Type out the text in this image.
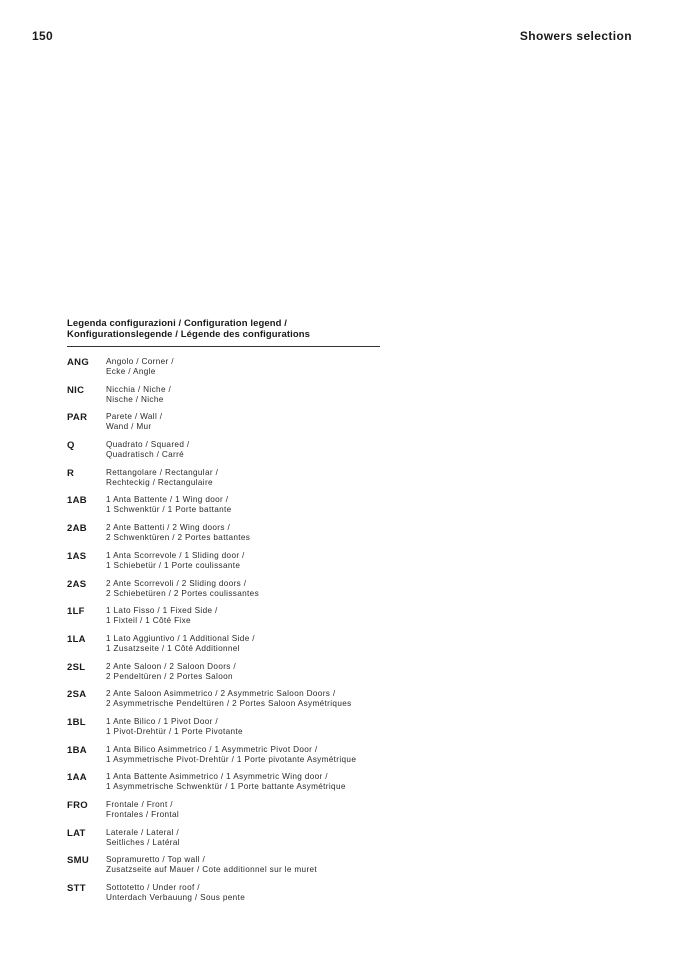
150	Showers selection
Legenda configurazioni / Configuration legend /
Konfigurationslegende / Légende des configurations
ANG	Angolo / Corner /
Ecke / Angle
NIC	Nicchia / Niche /
Nische / Niche
PAR	Parete / Wall /
Wand / Mur
Q	Quadrato / Squared /
Quadratisch / Carré
R	Rettangolare / Rectangular /
Rechteckig / Rectangulaire
1AB	1 Anta Battente / 1 Wing door /
1 Schwenktür / 1 Porte battante
2AB	2 Ante Battenti / 2 Wing doors /
2 Schwenktüren / 2 Portes battantes
1AS	1 Anta Scorrevole / 1 Sliding door /
1 Schiebetür / 1 Porte coulissante
2AS	2 Ante Scorrevoli / 2 Sliding doors /
2 Schiebetüren / 2 Portes coulissantes
1LF	1 Lato Fisso / 1 Fixed Side /
1 Fixteil / 1 Côté Fixe
1LA	1 Lato Aggiuntivo / 1 Additional Side /
1 Zusatzseite / 1 Côté Additionnel
2SL	2 Ante Saloon / 2 Saloon Doors /
2 Pendeltüren / 2 Portes Saloon
2SA	2 Ante Saloon Asimmetrico / 2 Asymmetric Saloon Doors /
2 Asymmetrische Pendeltüren / 2 Portes Saloon Asymétriques
1BL	1 Ante Bilico / 1 Pivot Door /
1 Pivot-Drehtür / 1 Porte Pivotante
1BA	1 Anta Bilico Asimmetrico / 1 Asymmetric Pivot Door /
1 Asymmetrische Pivot-Drehtür / 1 Porte pivotante Asymétrique
1AA	1 Anta Battente Asimmetrico / 1 Asymmetric Wing door /
1 Asymmetrische Schwenktür / 1 Porte battante Asymétrique
FRO	Frontale / Front /
Frontales / Frontal
LAT	Laterale / Lateral /
Seitliches / Latéral
SMU	Sopramuretto / Top wall /
Zusatzseite auf Mauer / Cote additionnel sur le muret
STT	Sottotetto / Under roof /
Unterdach Verbauung / Sous pente
